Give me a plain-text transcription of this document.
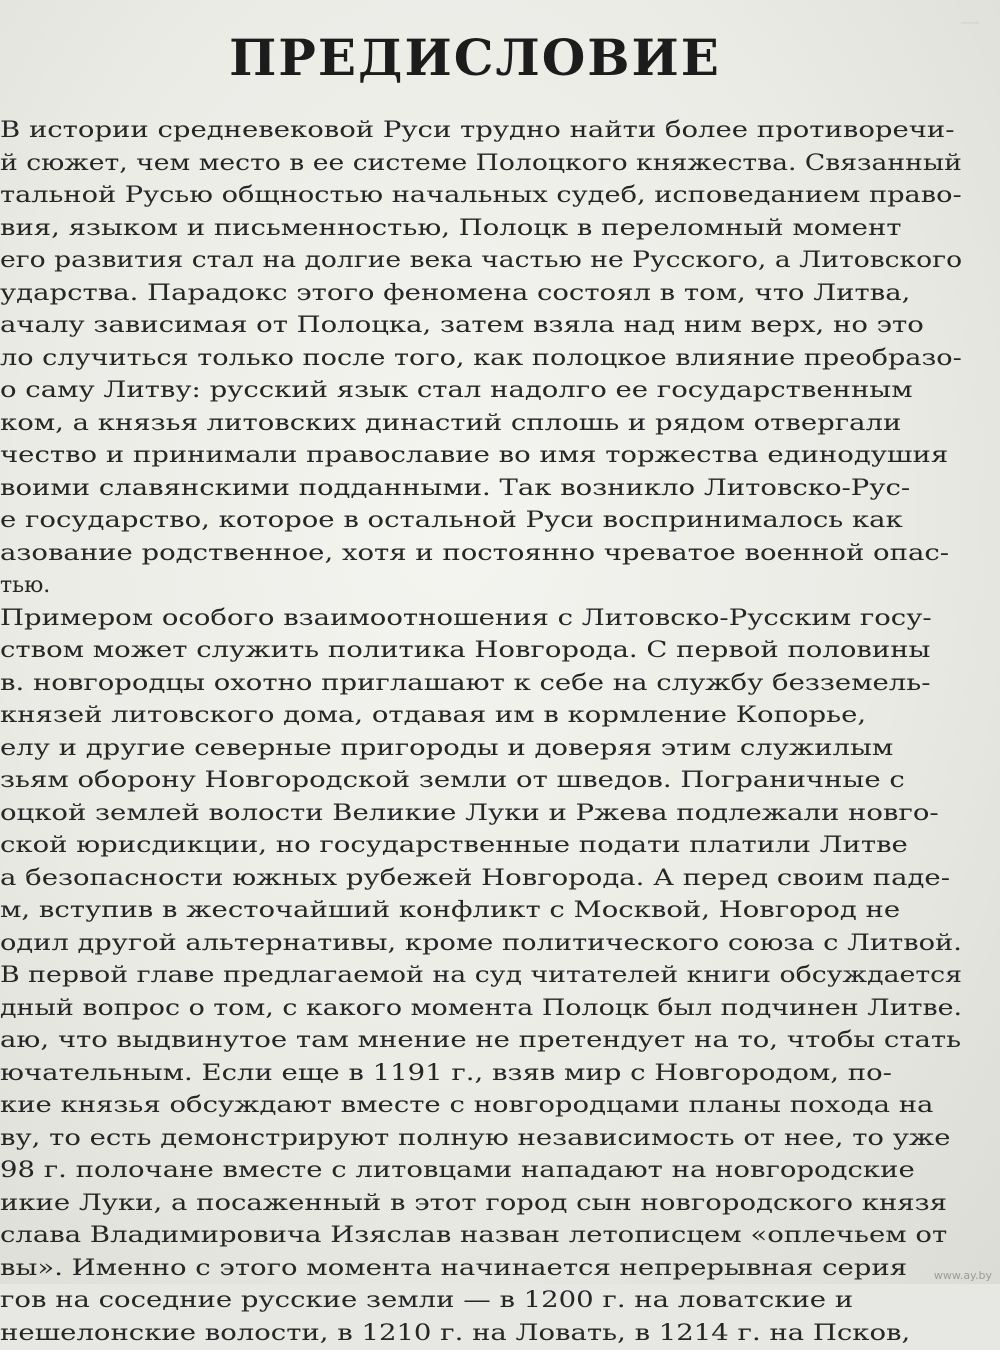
—
ПРЕДИСЛОВИЕ
В истории средневековой Руси трудно найти более противоречи-
й сюжет, чем место в ее системе Полоцкого княжества. Связанный
тальной Русью общностью начальных судеб, исповеданием право-
вия, языком и письменностью, Полоцк в переломный момент
его развития стал на долгие века частью не Русского, а Литовского
ударства. Парадокс этого феномена состоял в том, что Литва,
ачалу зависимая от Полоцка, затем взяла над ним верх, но это
ло случиться только после того, как полоцкое влияние преобразо-
о саму Литву: русский язык стал надолго ее государственным
ком, а князья литовских династий сплошь и рядом отвергали
чество и принимали православие во имя торжества единодушия
воими славянскими подданными. Так возникло Литовско-Рус-
е государство, которое в остальной Руси воспринималось как
азование родственное, хотя и постоянно чреватое военной опас-
тью.
Примером особого взаимоотношения с Литовско-Русским госу-
ством может служить политика Новгорода. С первой половины
в. новгородцы охотно приглашают к себе на службу безземель-
князей литовского дома, отдавая им в кормление Копорье,
елу и другие северные пригороды и доверяя этим служилым
зьям оборону Новгородской земли от шведов. Пограничные с
оцкой землей волости Великие Луки и Ржева подлежали новго-
ской юрисдикции, но государственные подати платили Литве
а безопасности южных рубежей Новгорода. А перед своим паде-
м, вступив в жесточайший конфликт с Москвой, Новгород не
одил другой альтернативы, кроме политического союза с Литвой.
В первой главе предлагаемой на суд читателей книги обсуждается
дный вопрос о том, с какого момента Полоцк был подчинен Литве.
аю, что выдвинутое там мнение не претендует на то, чтобы стать
ючательным. Если еще в 1191 г., взяв мир с Новгородом, по-
кие князья обсуждают вместе с новгородцами планы похода на
ву, то есть демонстрируют полную независимость от нее, то уже
98 г. полочане вместе с литовцами нападают на новгородские
икие Луки, а посаженный в этот город сын новгородского князя
слава Владимировича Изяслав назван летописцем «оплечьем от
вы». Именно с этого момента начинается непрерывная серия
гов на соседние русские земли — в 1200 г. на ловатские и
нешелонские волости, в 1210 г. на Ловать, в 1214 г. на Псков,
www.ay.by
